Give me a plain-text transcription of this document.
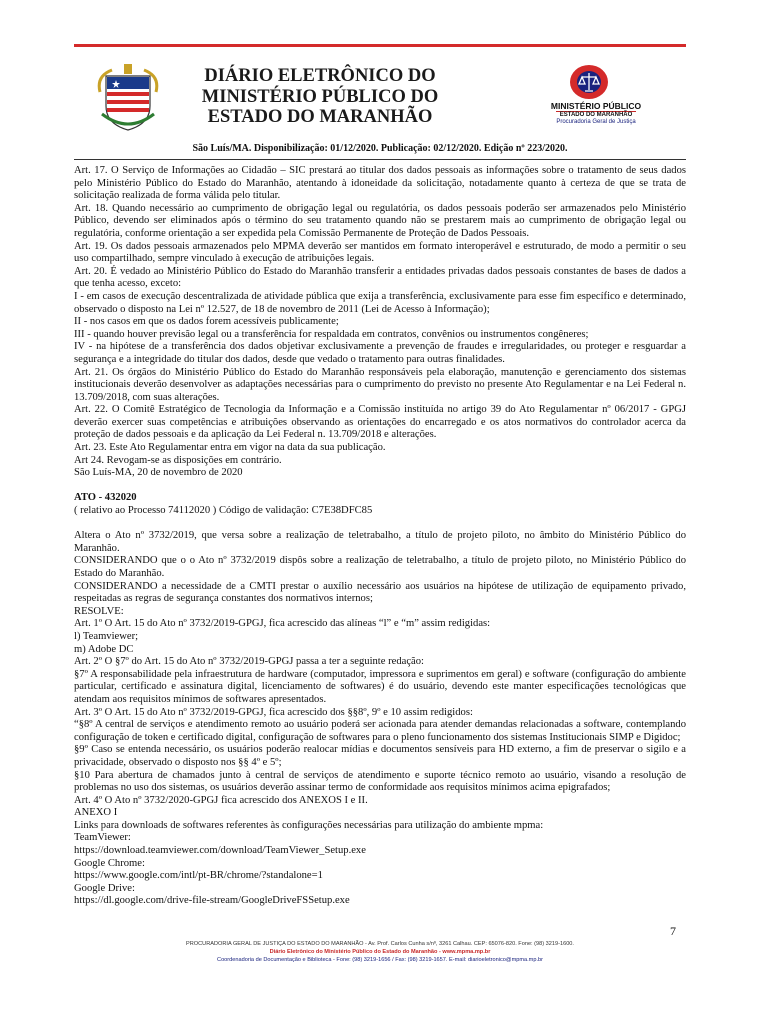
DIÁRIO ELETRÔNICO DO
MINISTÉRIO PÚBLICO DO
ESTADO DO MARANHÃO
MINISTÉRIO PÚBLICO
ESTADO DO MARANHÃO
Procuradoria Geral de Justiça
São Luís/MA. Disponibilização: 01/12/2020. Publicação: 02/12/2020. Edição nº 223/2020.

Art. 17. O Serviço de Informações ao Cidadão – SIC prestará ao titular dos dados pessoais as informações sobre o tratamento de seus dados pelo Ministério Público do Estado do Maranhão, atentando à idoneidade da solicitação, notadamente quanto à certeza de que se trata de solicitação realizada de forma válida pelo titular.

Art. 18. Quando necessário ao cumprimento de obrigação legal ou regulatória, os dados pessoais poderão ser armazenados pelo Ministério Público, devendo ser eliminados após o término do seu tratamento quando não se prestarem mais ao cumprimento de obrigação legal ou regulatória, conforme orientação a ser expedida pela Comissão Permanente de Proteção de Dados Pessoais.

Art. 19. Os dados pessoais armazenados pelo MPMA deverão ser mantidos em formato interoperável e estruturado, de modo a permitir o seu uso compartilhado, sempre vinculado à execução de atribuições legais.

Art. 20. É vedado ao Ministério Público do Estado do Maranhão transferir a entidades privadas dados pessoais constantes de bases de dados a que tenha acesso, exceto:

I - em casos de execução descentralizada de atividade pública que exija a transferência, exclusivamente para esse fim específico e determinado, observado o disposto na Lei nº 12.527, de 18 de novembro de 2011 (Lei de Acesso à Informação);

II - nos casos em que os dados forem acessíveis publicamente;

III - quando houver previsão legal ou a transferência for respaldada em contratos, convênios ou instrumentos congêneres;

IV - na hipótese de a transferência dos dados objetivar exclusivamente a prevenção de fraudes e irregularidades, ou proteger e resguardar a segurança e a integridade do titular dos dados, desde que vedado o tratamento para outras finalidades.

Art. 21. Os órgãos do Ministério Público do Estado do Maranhão responsáveis pela elaboração, manutenção e gerenciamento dos sistemas institucionais deverão desenvolver as adaptações necessárias para o cumprimento do previsto no presente Ato Regulamentar e na Lei Federal n. 13.709/2018, com suas alterações.

Art. 22. O Comitê Estratégico de Tecnologia da Informação e a Comissão instituída no artigo 39 do Ato Regulamentar nº 06/2017 - GPGJ deverão exercer suas competências e atribuições observando as orientações do encarregado e os atos normativos do controlador acerca da proteção de dados pessoais e da aplicação da Lei Federal n. 13.709/2018 e alterações.

Art. 23. Este Ato Regulamentar entra em vigor na data da sua publicação.

Art 24. Revogam-se as disposições em contrário.

São Luís-MA, 20 de novembro de 2020

ATO - 432020

( relativo ao Processo 74112020 ) Código de validação: C7E38DFC85

Altera o Ato nº 3732/2019, que versa sobre a realização de teletrabalho, a título de projeto piloto, no âmbito do Ministério Público do Maranhão.

CONSIDERANDO que o o Ato nº 3732/2019 dispôs sobre a realização de teletrabalho, a título de projeto piloto, no Ministério Público do Estado do Maranhão.

CONSIDERANDO a necessidade de a CMTI prestar o auxílio necessário aos usuários na hipótese de utilização de equipamento privado, respeitadas as regras de segurança constantes dos normativos internos;

RESOLVE:

Art. 1º O Art. 15 do Ato nº 3732/2019-GPGJ, fica acrescido das alíneas “l” e “m” assim redigidas:

l) Teamviewer;

m) Adobe DC

Art. 2º O §7º do Art. 15 do Ato nº 3732/2019-GPGJ passa a ter a seguinte redação:

§7º A responsabilidade pela infraestrutura de hardware (computador, impressora e suprimentos em geral) e software (configuração do ambiente particular, certificado e assinatura digital, licenciamento de softwares) é do usuário, devendo este manter especificações tecnológicas que atendam aos requisitos mínimos de softwares apresentados.

Art. 3º O Art. 15 do Ato nº 3732/2019-GPGJ, fica acrescido dos §§8º, 9º e 10 assim redigidos:

“§8º A central de serviços e atendimento remoto ao usuário poderá ser acionada para atender demandas relacionadas a software, contemplando configuração de token e certificado digital, configuração de softwares para o pleno funcionamento dos sistemas Institucionais SIMP e Digidoc;

§9º Caso se entenda necessário, os usuários poderão realocar mídias e documentos sensíveis para HD externo, a fim de preservar o sigilo e a privacidade, observado o disposto nos §§ 4º e 5º;

§10 Para abertura de chamados junto à central de serviços de atendimento e suporte técnico remoto ao usuário, visando a resolução de problemas no uso dos sistemas, os usuários deverão assinar termo de conformidade aos requisitos mínimos acima epigrafados;

Art. 4º O Ato nº 3732/2020-GPGJ fica acrescido dos ANEXOS I e II.

ANEXO I

Links para downloads de softwares referentes às configurações necessárias para utilização do ambiente mpma:

TeamViewer:

https://download.teamviewer.com/download/TeamViewer_Setup.exe

Google Chrome:

https://www.google.com/intl/pt-BR/chrome/?standalone=1

Google Drive:

https://dl.google.com/drive-file-stream/GoogleDriveFSSetup.exe

7
PROCURADORIA GERAL DE JUSTIÇA DO ESTADO DO MARANHÃO - Av. Prof. Carlos Cunha s/nº, 3261 Calhau. CEP: 65076-820. Fone: (98) 3219-1600.
Diário Eletrônico do Ministério Público do Estado do Maranhão - www.mpma.mp.br
Coordenadoria de Documentação e Biblioteca - Fone: (98) 3219-1656 / Fax: (98) 3219-1657. E-mail: diarioeletronico@mpma.mp.br
